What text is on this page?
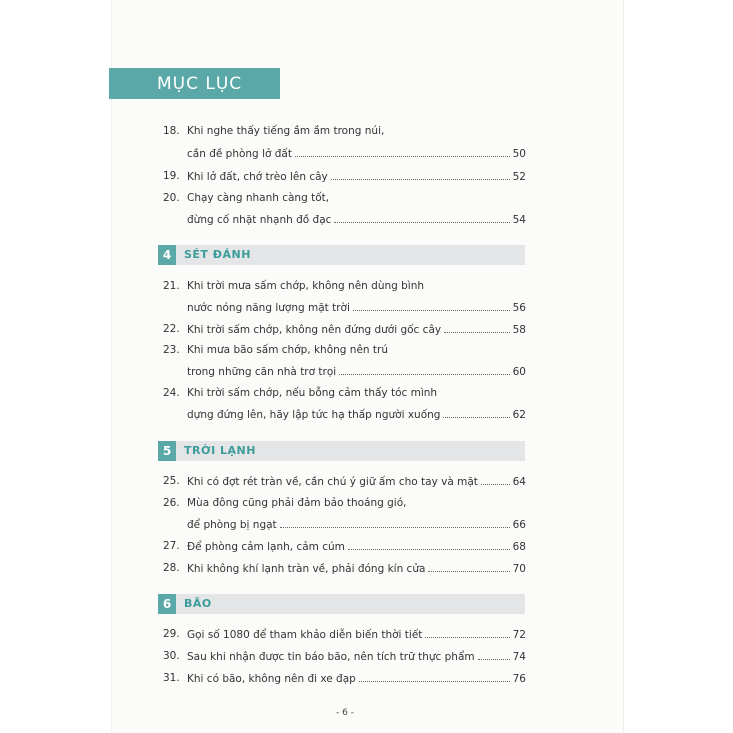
MỤC LỤC
18. Khi nghe thấy tiếng ầm ầm trong núi,
cần đề phòng lở đất	50
19. Khi lở đất, chớ trèo lên cây	52
20. Chạy càng nhanh càng tốt,
đừng cố nhặt nhạnh đồ đạc	54
4	SÉT ĐÁNH
21. Khi trời mưa sấm chớp, không nên dùng bình
nước nóng năng lượng mặt trời	56
22. Khi trời sấm chớp, không nên đứng dưới gốc cây	58
23. Khi mưa bão sấm chớp, không nên trú
trong những căn nhà trơ trọi	60
24. Khi trời sấm chớp, nếu bỗng cảm thấy tóc mình
dựng đứng lên, hãy lập tức hạ thấp người xuống	62
5	TRỜI LẠNH
25. Khi có đợt rét tràn về, cần chú ý giữ ấm cho tay và mặt	64
26. Mùa đông cũng phải đảm bảo thoáng gió,
để phòng bị ngạt	66
27. Để phòng cảm lạnh, cảm cúm	68
28. Khi không khí lạnh tràn về, phải đóng kín cửa	70
6	BÃO
29. Gọi số 1080 để tham khảo diễn biến thời tiết	72
30. Sau khi nhận được tin báo bão, nên tích trữ thực phẩm	74
31. Khi có bão, không nên đi xe đạp	76
- 6 -
